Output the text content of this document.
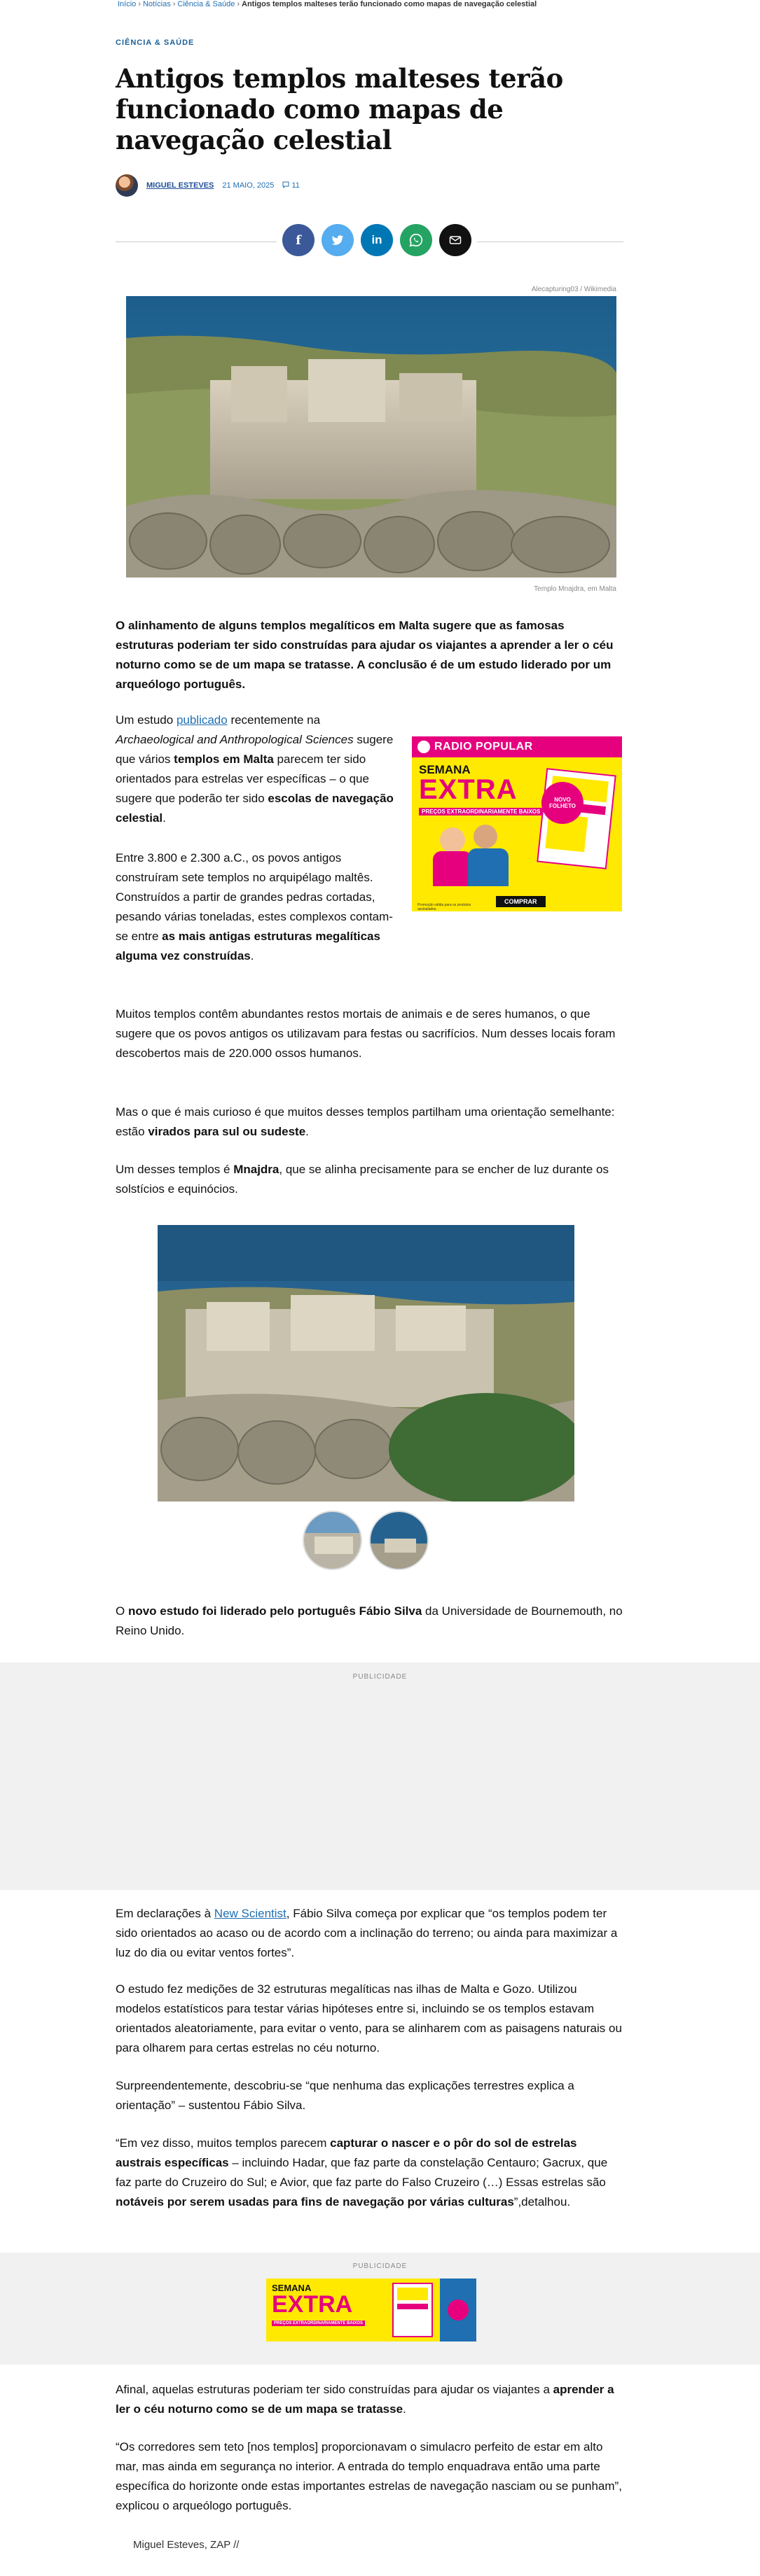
Início › Notícias › Ciência & Saúde › Antigos templos malteses terão funcionado como mapas de navegação celestial
CIÊNCIA & SAÚDE
Antigos templos malteses terão funcionado como mapas de navegação celestial
MIGUEL ESTEVES 21 MAIO, 2025	11
f	in
Alecapturing03 / Wikimedia
Templo Mnajdra, em Malta

O alinhamento de alguns templos megalíticos em Malta sugere que as famosas estruturas poderiam ter sido construídas para ajudar os viajantes a aprender a ler o céu noturno como se de um mapa se tratasse. A conclusão é de um estudo liderado por um arqueólogo português.

Um estudo publicado recentemente na Archaeological and Anthropological Sciences sugere que vários templos em Malta parecem ter sido orientados para estrelas ver específicas – o que sugere que poderão ter sido escolas de navegação celestial.

RADIO POPULAR
SEMANA
EXTRA
PREÇOS EXTRAORDINARIAMENTE BAIXOS
NOVO FOLHETO
COMPRAR
Promoção válida para os produtos assinalados.

Entre 3.800 e 2.300 a.C., os povos antigos construíram sete templos no arquipélago maltês. Construídos a partir de grandes pedras cortadas, pesando várias toneladas, estes complexos contam-se entre as mais antigas estruturas megalíticas alguma vez construídas.

Muitos templos contêm abundantes restos mortais de animais e de seres humanos, o que sugere que os povos antigos os utilizavam para festas ou sacrifícios. Num desses locais foram descobertos mais de 220.000 ossos humanos.

Mas o que é mais curioso é que muitos desses templos partilham uma orientação semelhante: estão virados para sul ou sudeste.

Um desses templos é Mnajdra, que se alinha precisamente para se encher de luz durante os solstícios e equinócios.

O novo estudo foi liderado pelo português Fábio Silva da Universidade de Bournemouth, no Reino Unido.

PUBLICIDADE

Em declarações à New Scientist, Fábio Silva começa por explicar que “os templos podem ter sido orientados ao acaso ou de acordo com a inclinação do terreno; ou ainda para maximizar a luz do dia ou evitar ventos fortes”.

O estudo fez medições de 32 estruturas megalíticas nas ilhas de Malta e Gozo. Utilizou modelos estatísticos para testar várias hipóteses entre si, incluindo se os templos estavam orientados aleatoriamente, para evitar o vento, para se alinharem com as paisagens naturais ou para olharem para certas estrelas no céu noturno.

Surpreendentemente, descobriu-se “que nenhuma das explicações terrestres explica a orientação” – sustentou Fábio Silva.

“Em vez disso, muitos templos parecem capturar o nascer e o pôr do sol de estrelas austrais específicas – incluindo Hadar, que faz parte da constelação Centauro; Gacrux, que faz parte do Cruzeiro do Sul; e Avior, que faz parte do Falso Cruzeiro (…) Essas estrelas são notáveis por serem usadas para fins de navegação por várias culturas”,detalhou.

PUBLICIDADE
SEMANA
EXTRA
PREÇOS EXTRAORDINARIAMENTE BAIXOS

Afinal, aquelas estruturas poderiam ter sido construídas para ajudar os viajantes a aprender a ler o céu noturno como se de um mapa se tratasse.

“Os corredores sem teto [nos templos] proporcionavam o simulacro perfeito de estar em alto mar, mas ainda em segurança no interior. A entrada do templo enquadrava então uma parte específica do horizonte onde estas importantes estrelas de navegação nasciam ou se punham”, explicou o arqueólogo português.

Miguel Esteves, ZAP //
